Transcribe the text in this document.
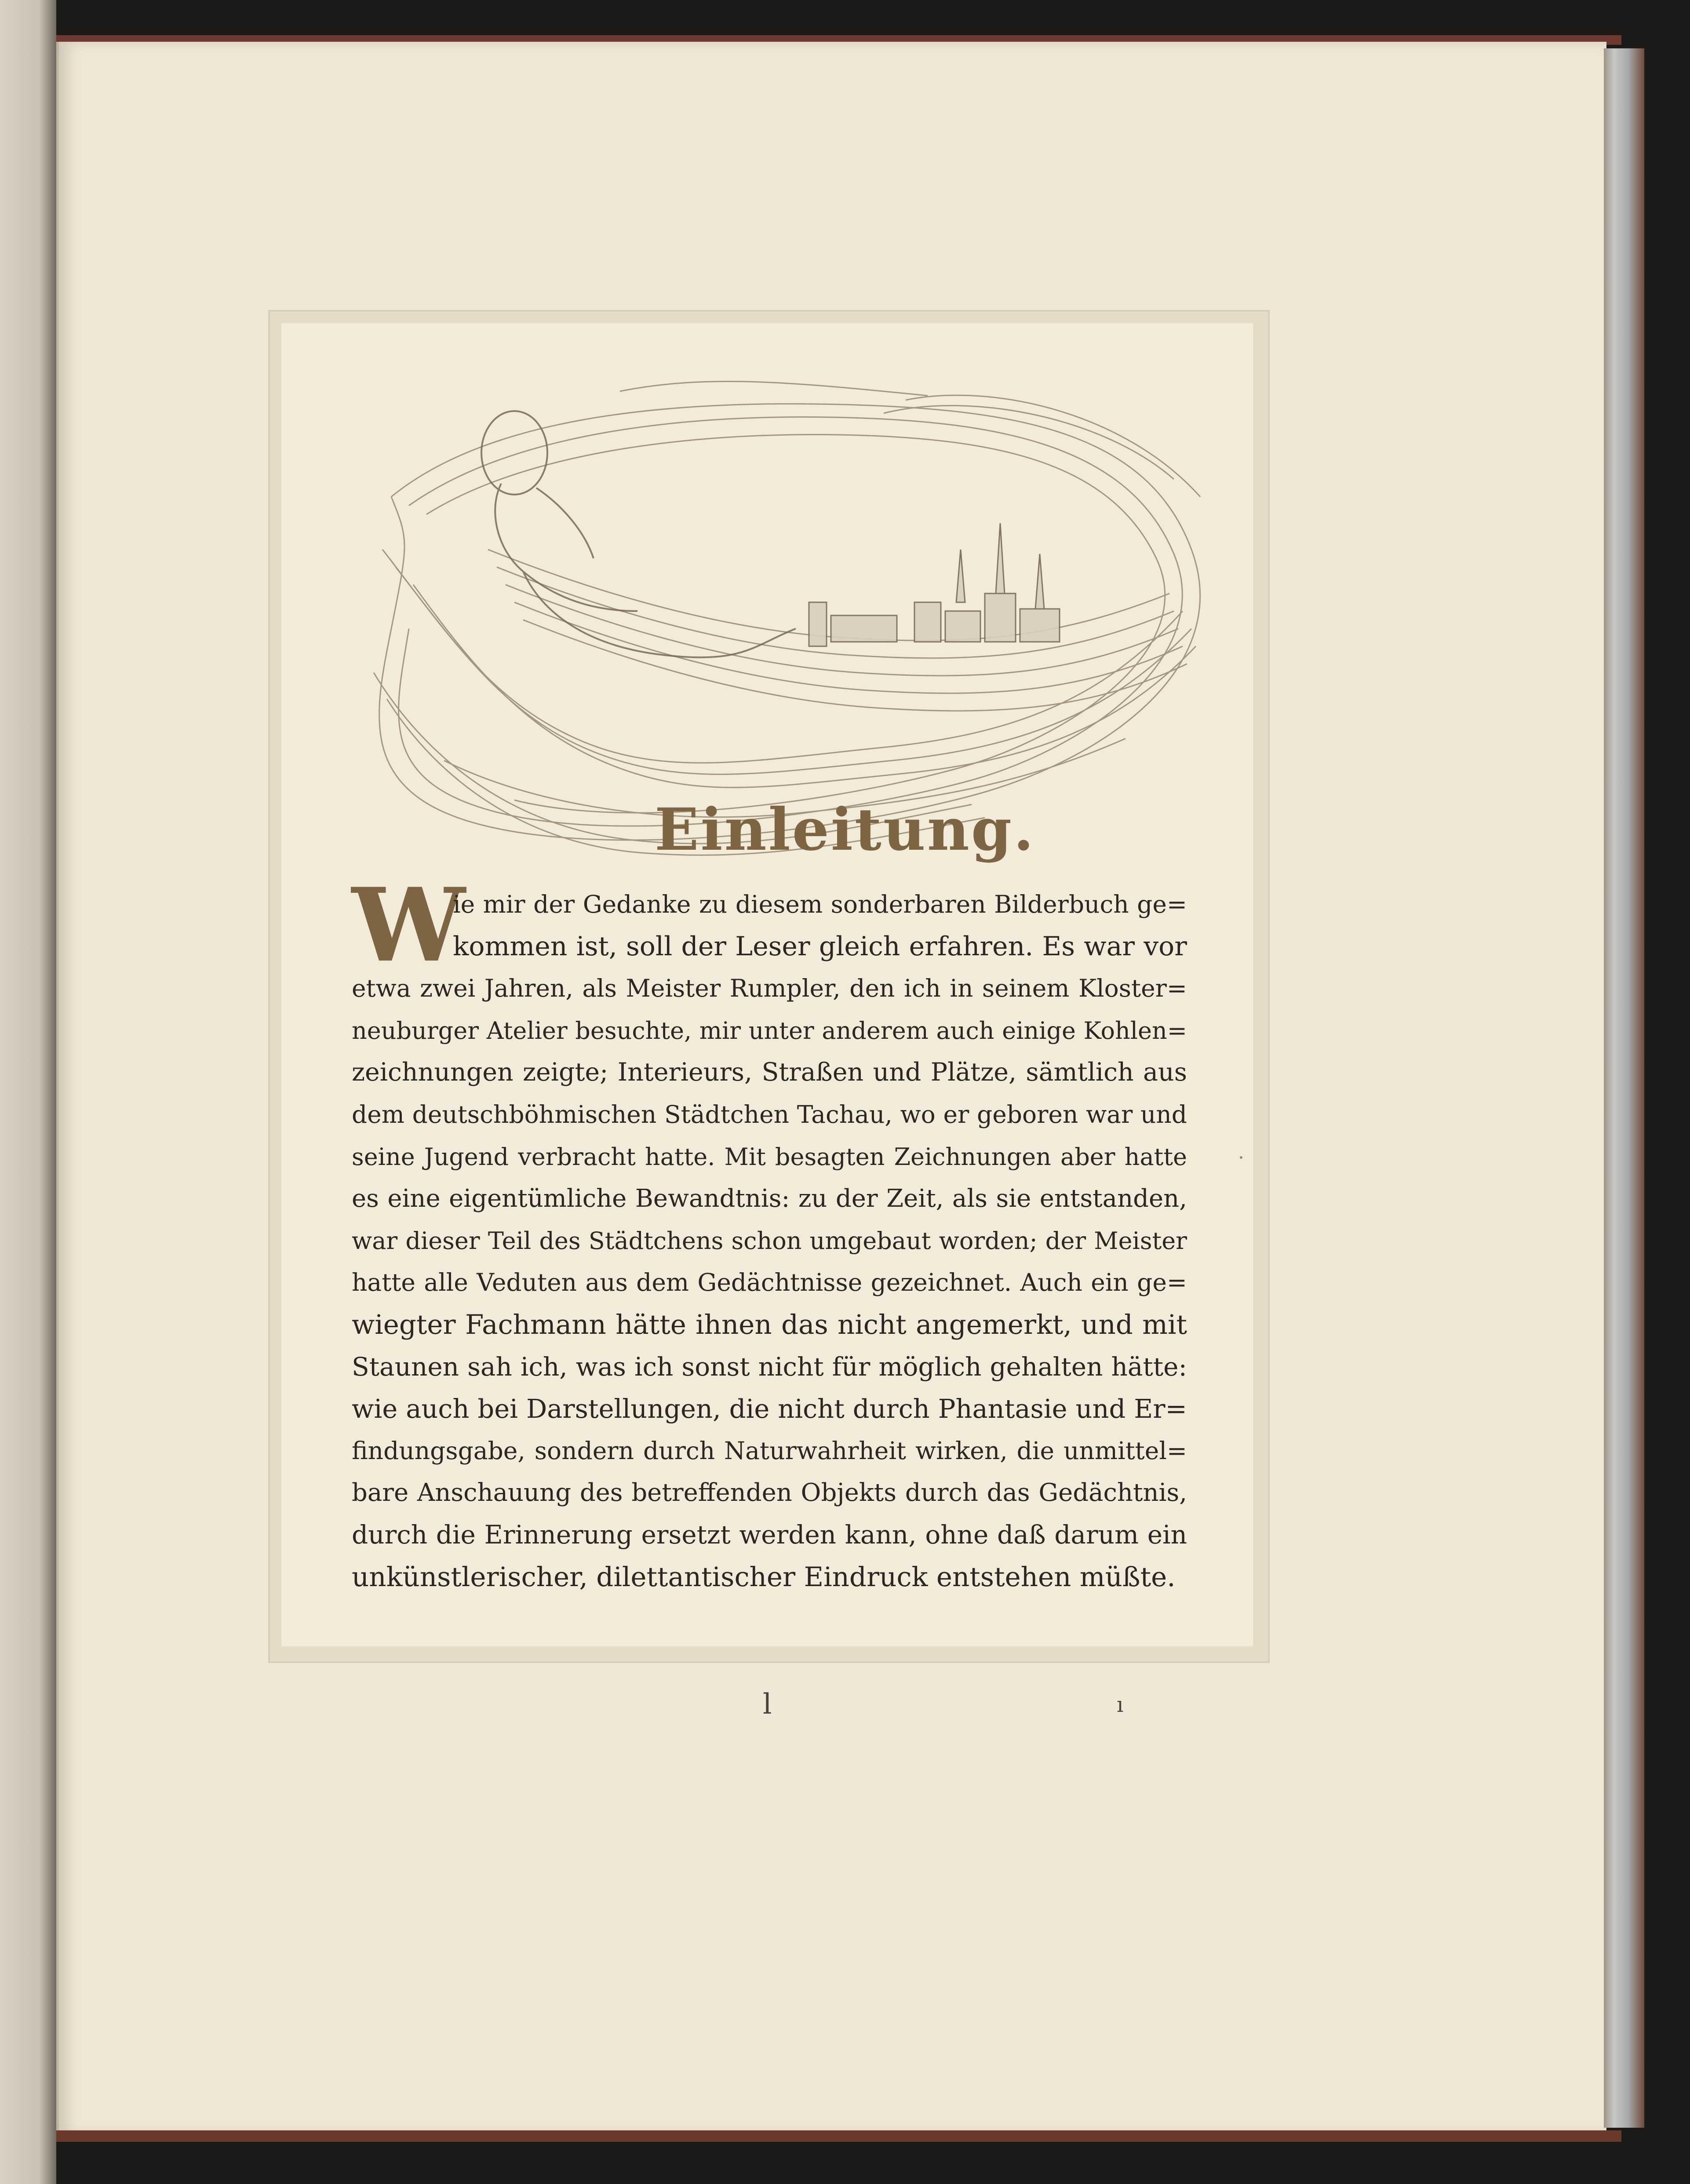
Einleitung.
W
ie mir der Gedanke zu diesem sonderbaren Bilderbuch ge=
kommen ist, soll der Leser gleich erfahren. Es war vor
etwa zwei Jahren, als Meister Rumpler, den ich in seinem Kloster=
neuburger Atelier besuchte, mir unter anderem auch einige Kohlen=
zeichnungen zeigte; Interieurs, Straßen und Plätze, sämtlich aus
dem deutschböhmischen Städtchen Tachau, wo er geboren war und
seine Jugend verbracht hatte. Mit besagten Zeichnungen aber hatte
es eine eigentümliche Bewandtnis: zu der Zeit, als sie entstanden,
war dieser Teil des Städtchens schon umgebaut worden; der Meister
hatte alle Veduten aus dem Gedächtnisse gezeichnet. Auch ein ge=
wiegter Fachmann hätte ihnen das nicht angemerkt, und mit
Staunen sah ich, was ich sonst nicht für möglich gehalten hätte:
wie auch bei Darstellungen, die nicht durch Phantasie und Er=
findungsgabe, sondern durch Naturwahrheit wirken, die unmittel=
bare Anschauung des betreffenden Objekts durch das Gedächtnis,
durch die Erinnerung ersetzt werden kann, ohne daß darum ein
unkünstlerischer, dilettantischer Eindruck entstehen müßte.
l	ı
